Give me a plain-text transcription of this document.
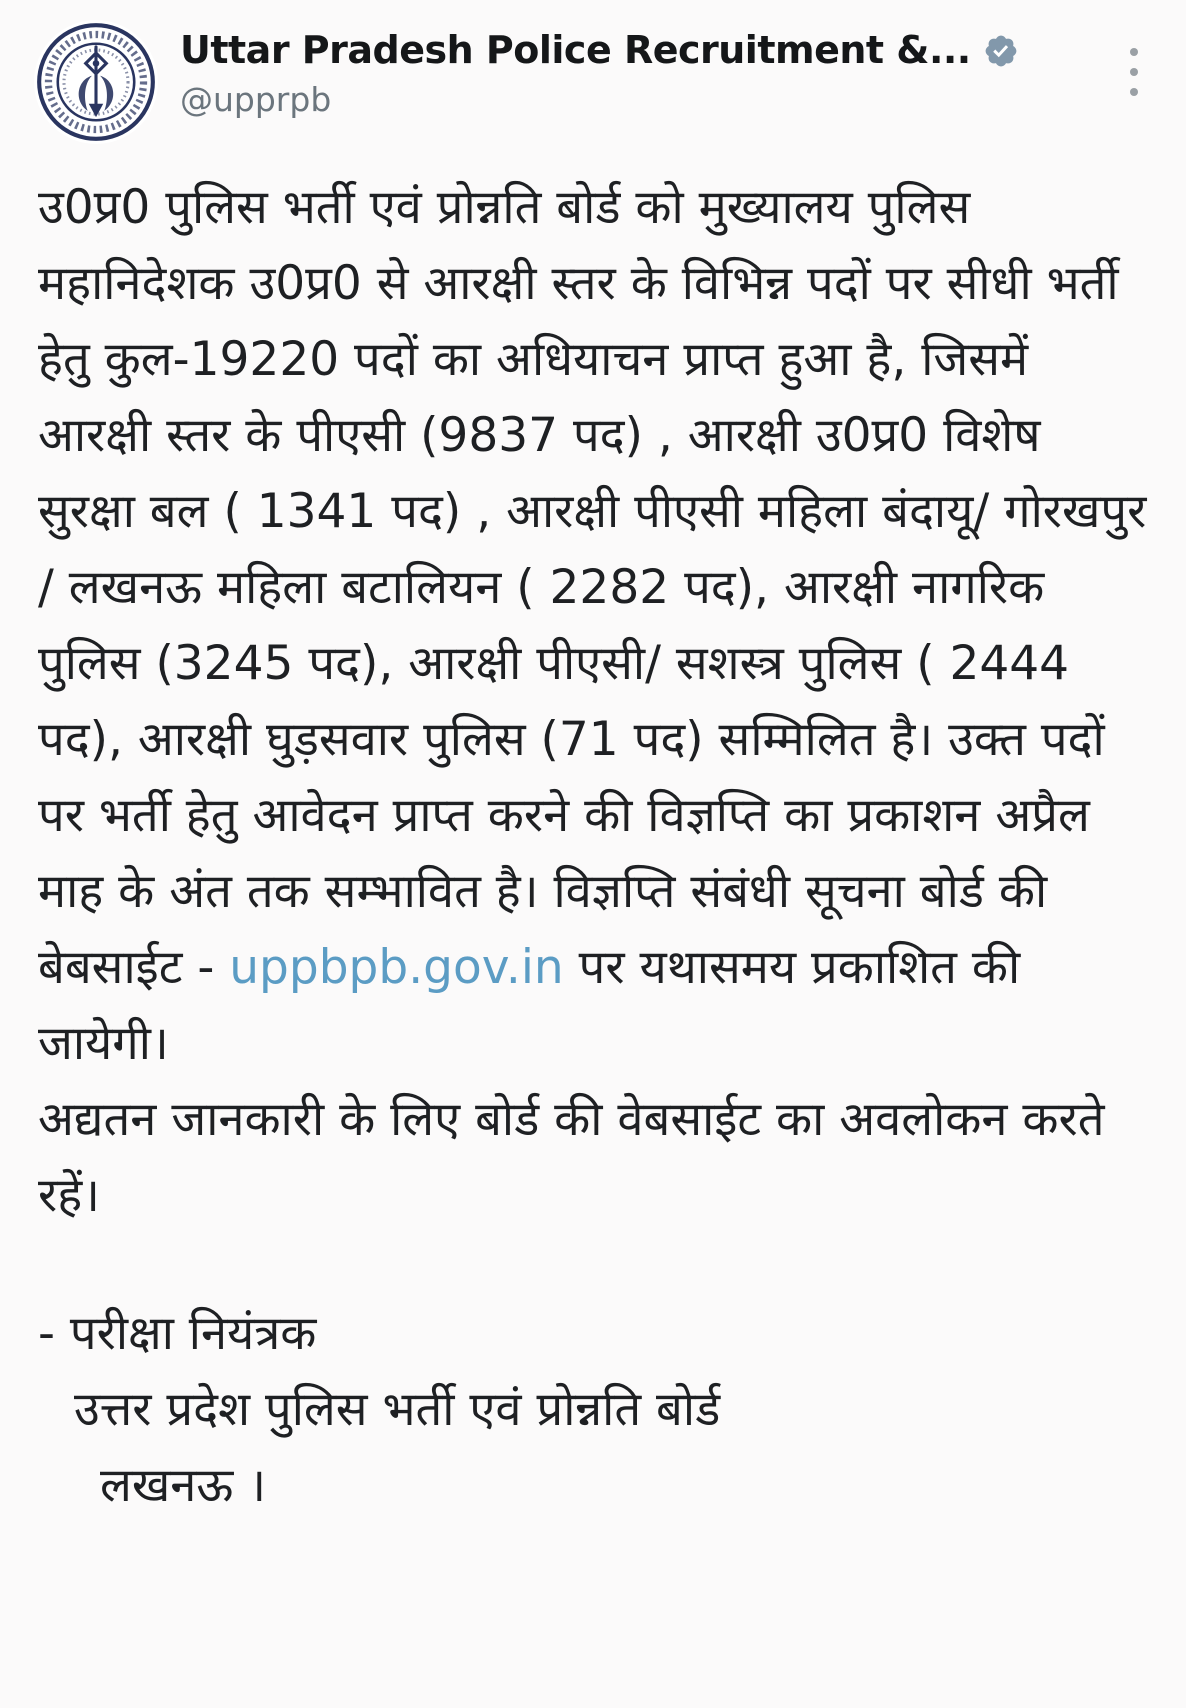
Uttar Pradesh Police Recruitment &...
@upprpb

उ0प्र0 पुलिस भर्ती एवं प्रोन्नति बोर्ड को मुख्यालय पुलिस महानिदेशक उ0प्र0 से आरक्षी स्तर के विभिन्न पदों पर सीधी भर्ती हेतु कुल-19220 पदों का अधियाचन प्राप्त हुआ है, जिसमें आरक्षी स्तर के पीएसी (9837 पद) , आरक्षी उ0प्र0 विशेष सुरक्षा बल ( 1341 पद) , आरक्षी पीएसी महिला बंदायू/ गोरखपुर / लखनऊ महिला बटालियन ( 2282 पद), आरक्षी नागरिक पुलिस (3245 पद), आरक्षी पीएसी/ सशस्त्र पुलिस ( 2444 पद), आरक्षी घुड़सवार पुलिस (71 पद) सम्मिलित है। उक्त पदों पर भर्ती हेतु आवेदन प्राप्त करने की विज्ञप्ति का प्रकाशन अप्रैल माह के अंत तक सम्भावित है। विज्ञप्ति संबंधी सूचना बोर्ड की बेबसाईट - uppbpb.gov.in पर यथासमय प्रकाशित की जायेगी।

अद्यतन जानकारी के लिए बोर्ड की वेबसाईट का अवलोकन करते रहें।

- परीक्षा नियंत्रक

उत्तर प्रदेश पुलिस भर्ती एवं प्रोन्नति बोर्ड

लखनऊ ।
